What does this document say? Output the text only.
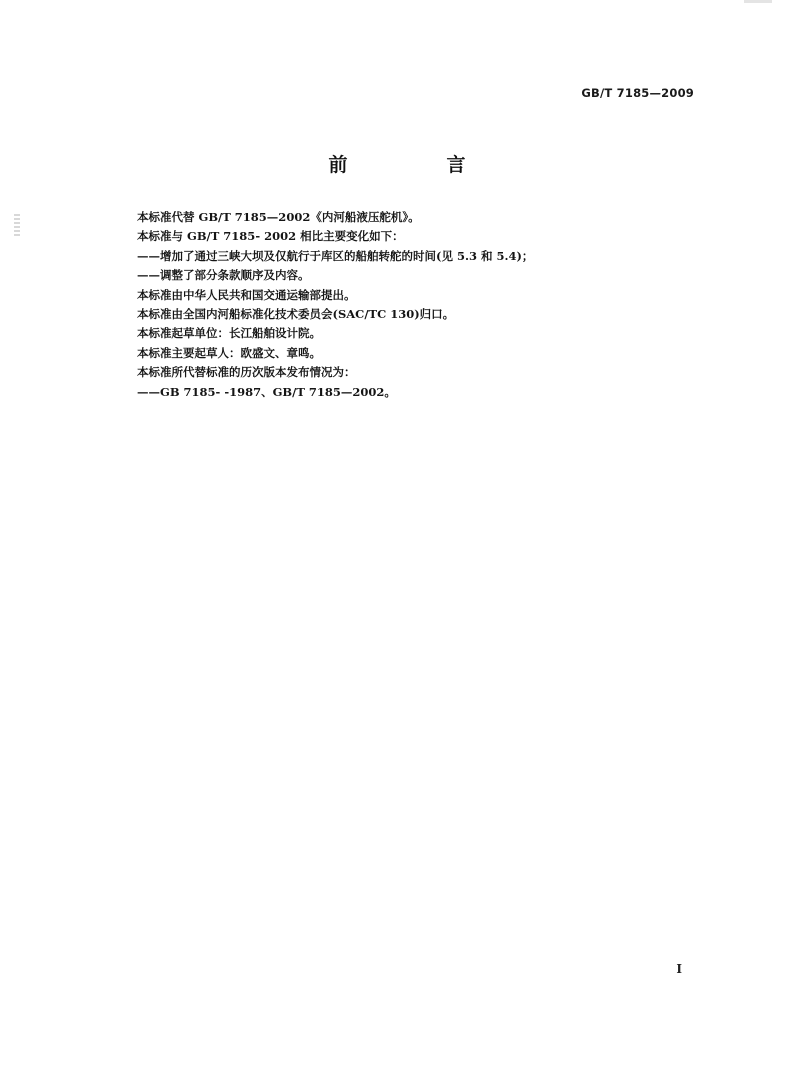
GB/T 7185—2009
前　言
本标准代替 GB/T 7185—2002《内河船液压舵机》。
本标准与 GB/T 7185- 2002 相比主要变化如下：
——增加了通过三峡大坝及仅航行于库区的船舶转舵的时间(见 5.3 和 5.4)；
——调整了部分条款顺序及内容。
本标准由中华人民共和国交通运输部提出。
本标准由全国内河船标准化技术委员会(SAC/TC 130)归口。
本标准起草单位：长江船舶设计院。
本标准主要起草人：欧盛文、章鸣。
本标准所代替标准的历次版本发布情况为：
——GB 7185- -1987、GB/T 7185—2002。
I
